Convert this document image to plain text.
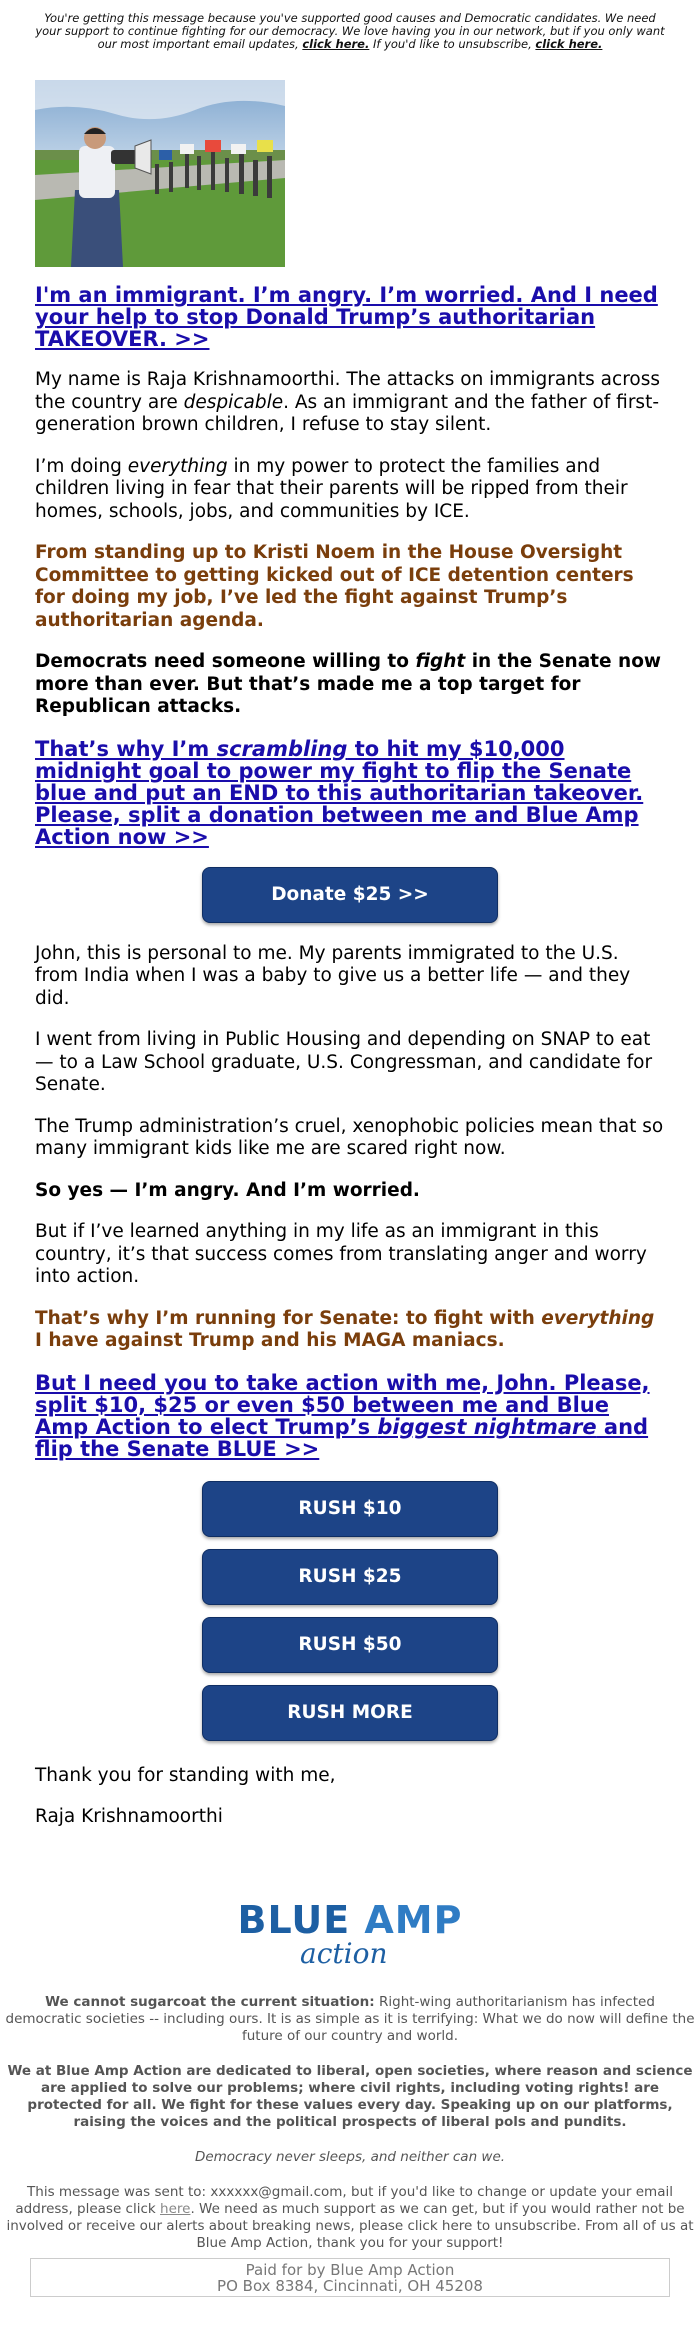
You're getting this message because you've supported good causes and Democratic candidates. We need your support to continue fighting for our democracy. We love having you in our network, but if you only want our most important email updates, click here. If you'd like to unsubscribe, click here.

I'm an immigrant. I’m angry. I’m worried. And I need your help to stop Donald Trump’s authoritarian TAKEOVER. >>

My name is Raja Krishnamoorthi. The attacks on immigrants across the country are despicable. As an immigrant and the father of first-generation brown children, I refuse to stay silent.

I’m doing everything in my power to protect the families and children living in fear that their parents will be ripped from their homes, schools, jobs, and communities by ICE.

From standing up to Kristi Noem in the House Oversight Committee to getting kicked out of ICE detention centers for doing my job, I’ve led the fight against Trump’s authoritarian agenda.

Democrats need someone willing to fight in the Senate now more than ever. But that’s made me a top target for Republican attacks.

That’s why I’m scrambling to hit my $10,000 midnight goal to power my fight to flip the Senate blue and put an END to this authoritarian takeover. Please, split a donation between me and Blue Amp Action now >>

Donate $25 >>

John, this is personal to me. My parents immigrated to the U.S. from India when I was a baby to give us a better life — and they did.

I went from living in Public Housing and depending on SNAP to eat — to a Law School graduate, U.S. Congressman, and candidate for Senate.

The Trump administration’s cruel, xenophobic policies mean that so many immigrant kids like me are scared right now.

So yes — I’m angry. And I’m worried.

But if I’ve learned anything in my life as an immigrant in this country, it’s that success comes from translating anger and worry into action.

That’s why I’m running for Senate: to fight with everything I have against Trump and his MAGA maniacs.

But I need you to take action with me, John. Please, split $10, $25 or even $50 between me and Blue Amp Action to elect Trump’s biggest nightmare and flip the Senate BLUE >>

RUSH $10
RUSH $25
RUSH $50
RUSH MORE

Thank you for standing with me,

Raja Krishnamoorthi

BLUE AMP
action

We cannot sugarcoat the current situation: Right-wing authoritarianism has infected democratic societies -- including ours. It is as simple as it is terrifying: What we do now will define the future of our country and world.

We at Blue Amp Action are dedicated to liberal, open societies, where reason and science are applied to solve our problems; where civil rights, including voting rights! are protected for all. We fight for these values every day. Speaking up on our platforms, raising the voices and the political prospects of liberal pols and pundits.

Democracy never sleeps, and neither can we.

This message was sent to: xxxxxx@gmail.com, but if you'd like to change or update your email address, please click here. We need as much support as we can get, but if you would rather not be involved or receive our alerts about breaking news, please click here to unsubscribe. From all of us at Blue Amp Action, thank you for your support!

Paid for by Blue Amp Action
PO Box 8384, Cincinnati, OH 45208
